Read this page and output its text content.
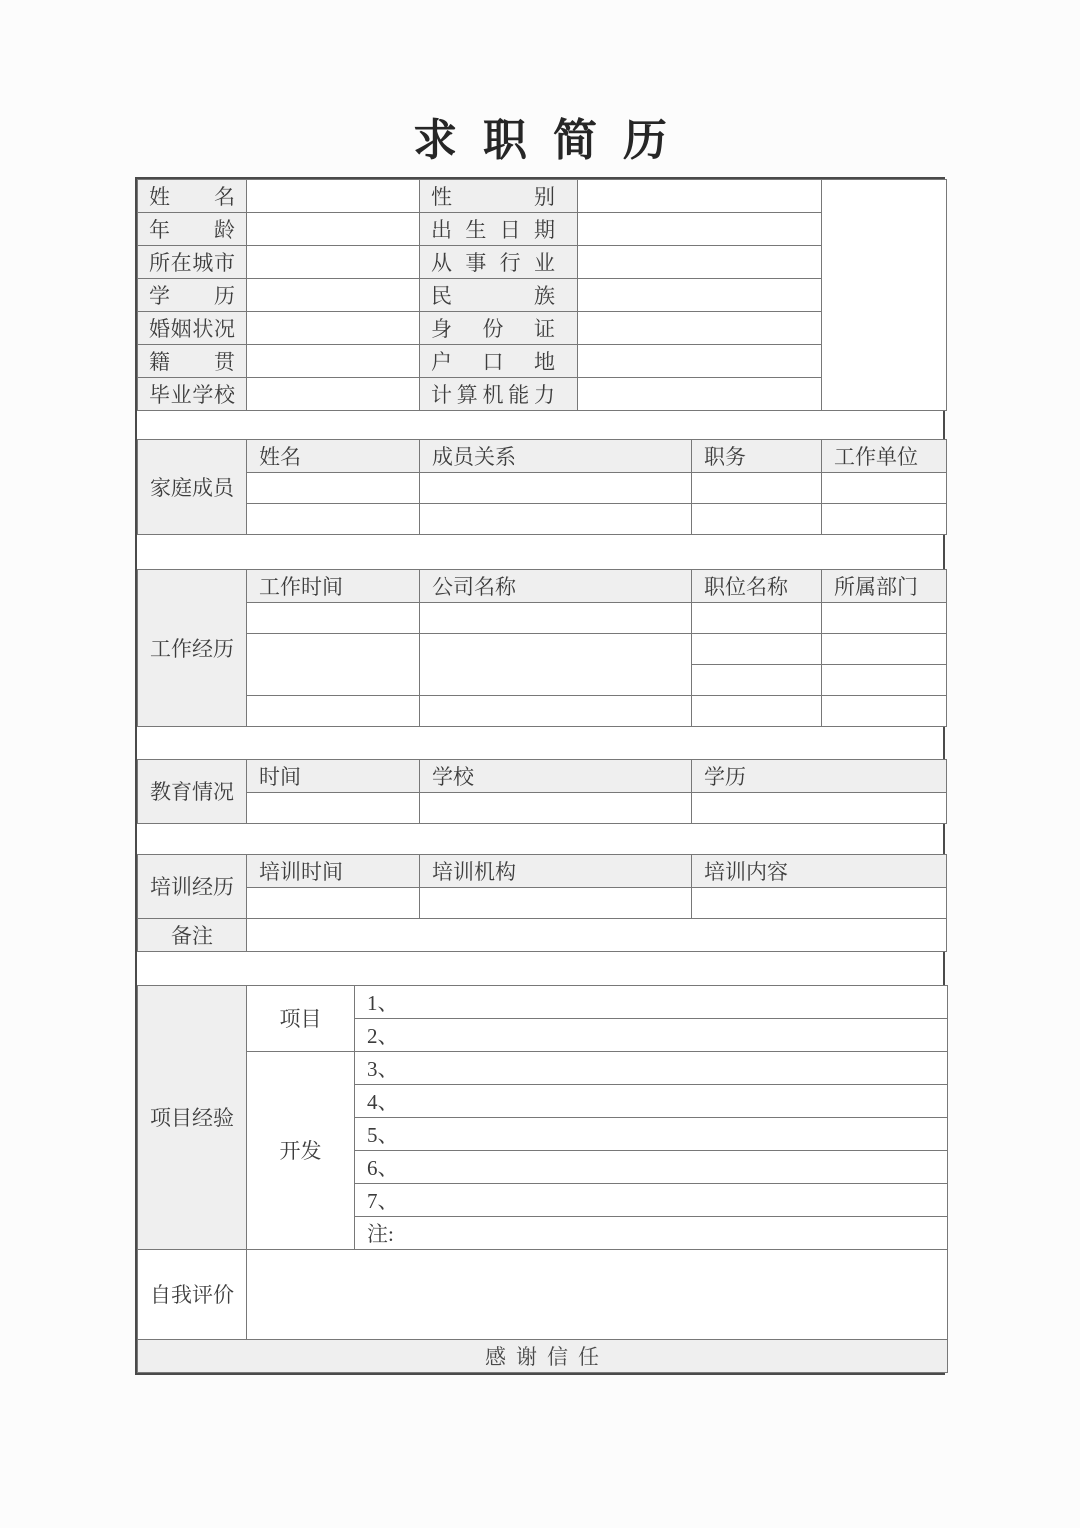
求职简历
姓名		性别		
年龄		出生日期		
所在城市		从事行业		
学历		民族		
婚姻状况		身份证		
籍贯		户口地		
毕业学校		计算机能力		
家庭成员	姓名	成员关系	职务	工作单位

工作经历	工作时间	公司名称	职位名称	所属部门

教育情况	时间	学校	学历

培训经历	培训时间	培训机构	培训内容

备注			
项目经验	项目	1、
		2、
	开发	3、
		4、
		5、
		6、
		7、
		注:
自我评价		
感谢信任		
